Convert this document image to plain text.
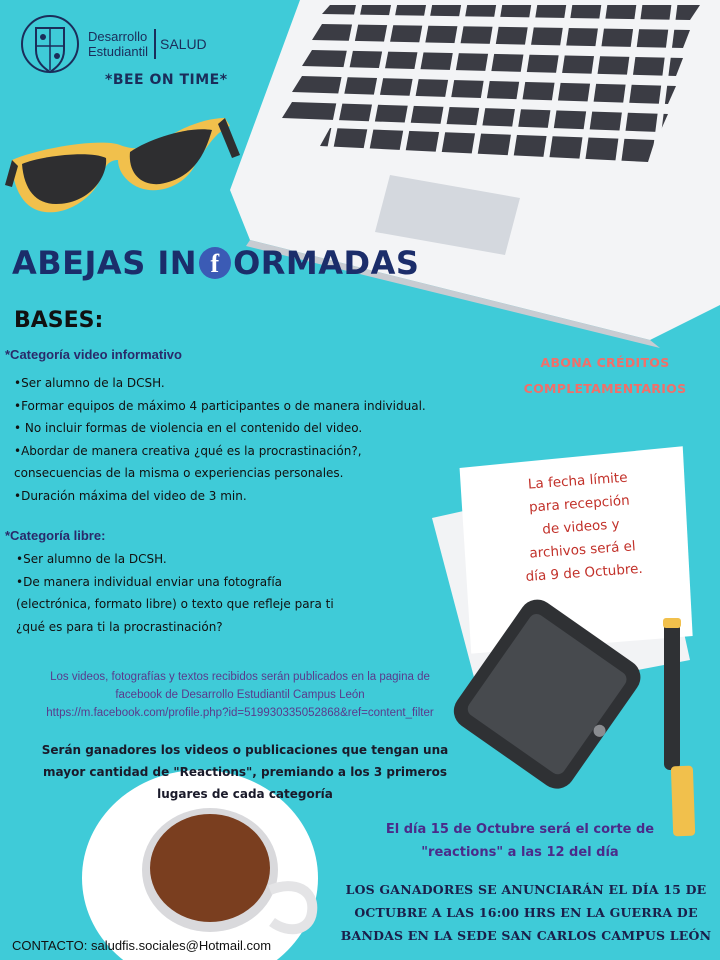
Desarrollo
Estudiantil SALUD
*BEE ON TIME*
ABEJAS IN f ORMADAS
BASES:
*Categoría video informativo
•Ser alumno de la DCSH.
•Formar equipos de máximo 4 participantes o de manera individual.
• No incluir formas de violencia en el contenido del video.
•Abordar de manera creativa ¿qué es la procrastinación?,
consecuencias de la misma o experiencias personales.
•Duración máxima del video de 3 min.
*Categoría libre:
•Ser alumno de la DCSH.
•De manera individual enviar una fotografía
(electrónica, formato libre) o texto que refleje para ti
¿qué es para ti la procrastinación?
ABONA CRÉDITOS
COMPLETAMENTARIOS
La fecha límite
para recepción
de videos y
archivos será el
día 9 de Octubre.
Los videos, fotografías y textos recibidos serán publicados en la pagina de
facebook de Desarrollo Estudiantil Campus León
https://m.facebook.com/profile.php?id=519930335052868&ref=content_filter
Serán ganadores los videos o publicaciones que tengan una
mayor cantidad de "Reactions", premiando a los 3 primeros
lugares de cada categoría
El día 15 de Octubre será el corte de
"reactions" a las 12 del día
LOS GANADORES SE ANUNCIARÁN EL DÍA 15 DE
OCTUBRE A LAS 16:00 HRS EN LA GUERRA DE
BANDAS EN LA SEDE SAN CARLOS CAMPUS LEÓN
CONTACTO: saludfis.sociales@Hotmail.com
